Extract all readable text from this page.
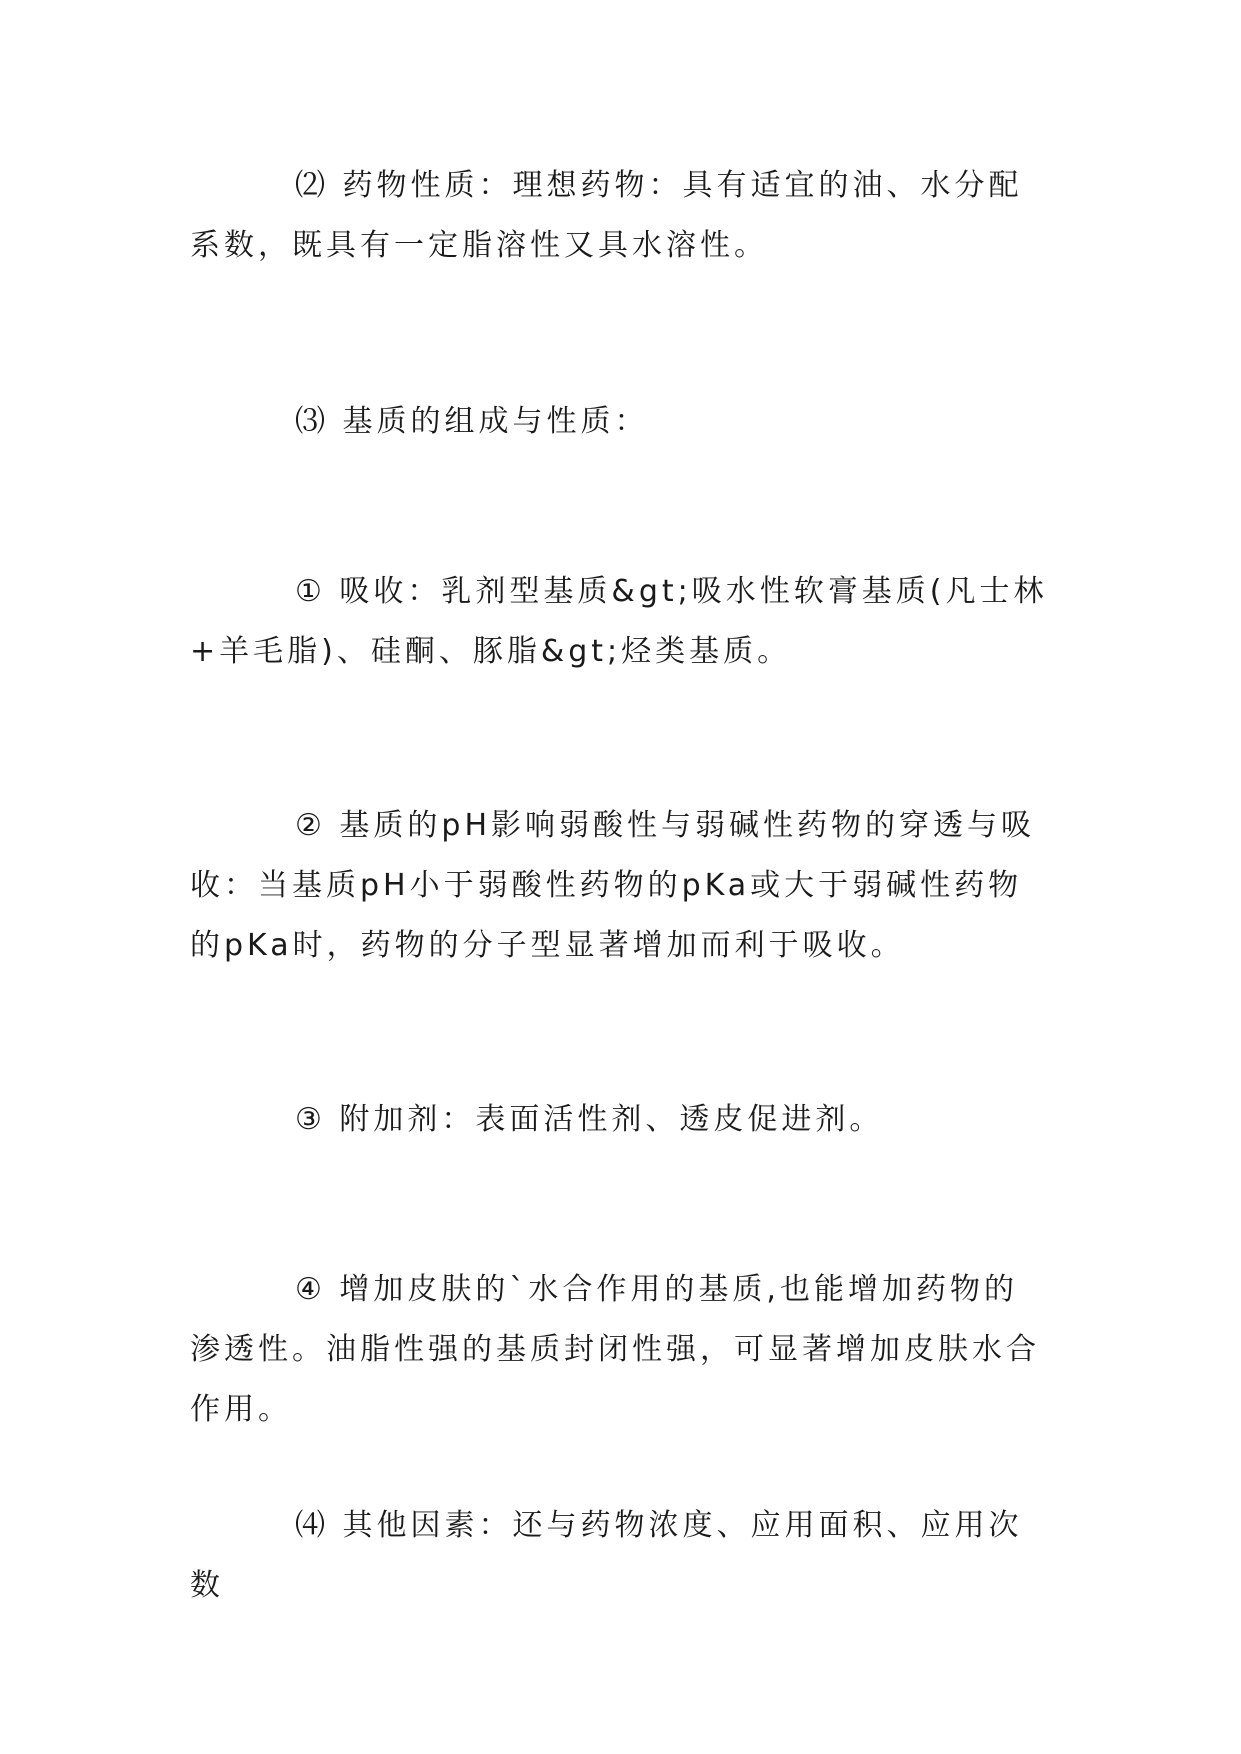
⑵ 药物性质：理想药物：具有适宜的油、水分配系数，既具有一定脂溶性又具水溶性。

⑶ 基质的组成与性质：

① 吸收：乳剂型基质&gt;吸水性软膏基质(凡士林+羊毛脂)、硅酮、豚脂&gt;烃类基质。

② 基质的pH影响弱酸性与弱碱性药物的穿透与吸收：当基质pH小于弱酸性药物的pKa或大于弱碱性药物的pKa时，药物的分子型显著增加而利于吸收。

③ 附加剂：表面活性剂、透皮促进剂。

④ 增加皮肤的`水合作用的基质,也能增加药物的渗透性。油脂性强的基质封闭性强，可显著增加皮肤水合作用。

⑷ 其他因素：还与药物浓度、应用面积、应用次数
